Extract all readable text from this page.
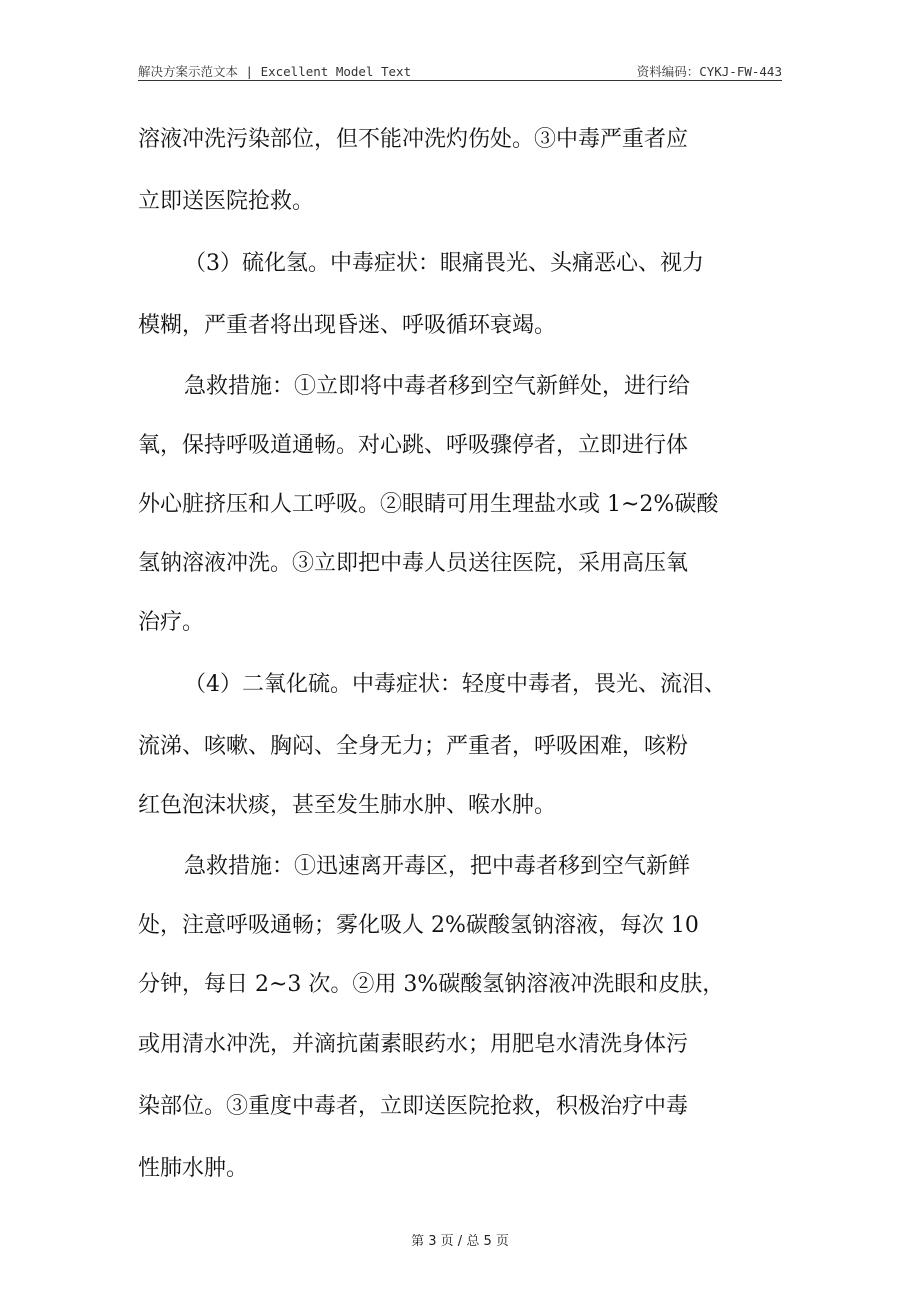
解决方案示范文本 | Excellent Model Text	资料编码：CYKJ-FW-443
溶液冲洗污染部位，但不能冲洗灼伤处。③中毒严重者应
立即送医院抢救。
（3）硫化氢。中毒症状：眼痛畏光、头痛恶心、视力
模糊，严重者将出现昏迷、呼吸循环衰竭。
急救措施：①立即将中毒者移到空气新鲜处，进行给
氧，保持呼吸道通畅。对心跳、呼吸骤停者，立即进行体
外心脏挤压和人工呼吸。②眼睛可用生理盐水或 1~2%碳酸
氢钠溶液冲洗。③立即把中毒人员送往医院，采用高压氧
治疗。
（4）二氧化硫。中毒症状：轻度中毒者，畏光、流泪、
流涕、咳嗽、胸闷、全身无力；严重者，呼吸困难，咳粉
红色泡沫状痰，甚至发生肺水肿、喉水肿。
急救措施：①迅速离开毒区，把中毒者移到空气新鲜
处，注意呼吸通畅；雾化吸人 2%碳酸氢钠溶液，每次 10
分钟，每日 2~3 次。②用 3%碳酸氢钠溶液冲洗眼和皮肤，
或用清水冲洗，并滴抗菌素眼药水；用肥皂水清洗身体污
染部位。③重度中毒者，立即送医院抢救，积极治疗中毒
性肺水肿。
第 3 页 / 总 5 页
